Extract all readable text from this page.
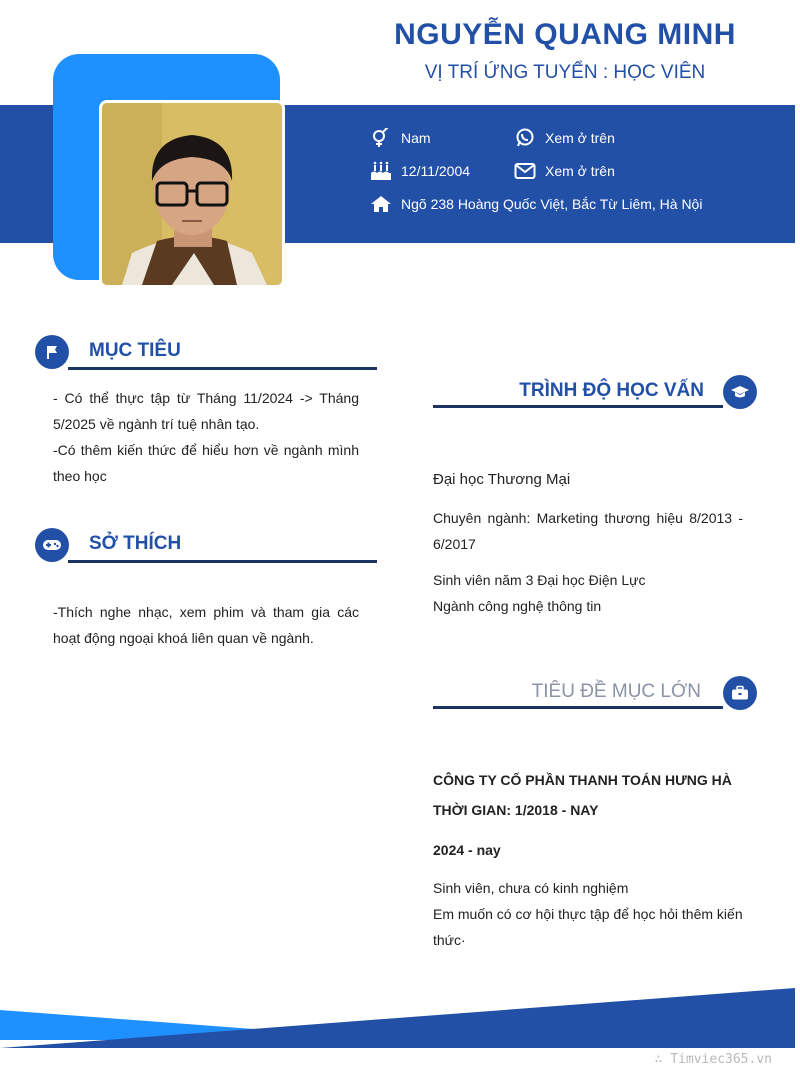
NGUYỄN QUANG MINH
VỊ TRÍ ỨNG TUYỂN : HỌC VIÊN
Nam	Xem ở trên
12/11/2004	Xem ở trên
Ngõ 238 Hoàng Quốc Việt, Bắc Từ Liêm, Hà Nội
MỤC TIÊU
- Có thể thực tập từ Tháng 11/2024 -> Tháng 5/2025 về ngành trí tuệ nhân tạo.
-Có thêm kiến thức để hiểu hơn về ngành mình theo học
SỞ THÍCH
-Thích nghe nhạc, xem phim và tham gia các hoạt động ngoại khoá liên quan về ngành.
TRÌNH ĐỘ HỌC VẤN
Đại học Thương Mại
Chuyên ngành: Marketing thương hiệu 8/2013 - 6/2017
Sinh viên năm 3 Đại học Điện Lực
Ngành công nghệ thông tin
TIÊU ĐỀ MỤC LỚN
CÔNG TY CỐ PHẦN THANH TOÁN HƯNG HÀ
THỜI GIAN: 1/2018 - NAY
2024 - nay
Sinh viên, chưa có kinh nghiệm
Em muốn có cơ hội thực tập để học hỏi thêm kiến thức·
∴ Timviec365.vn
